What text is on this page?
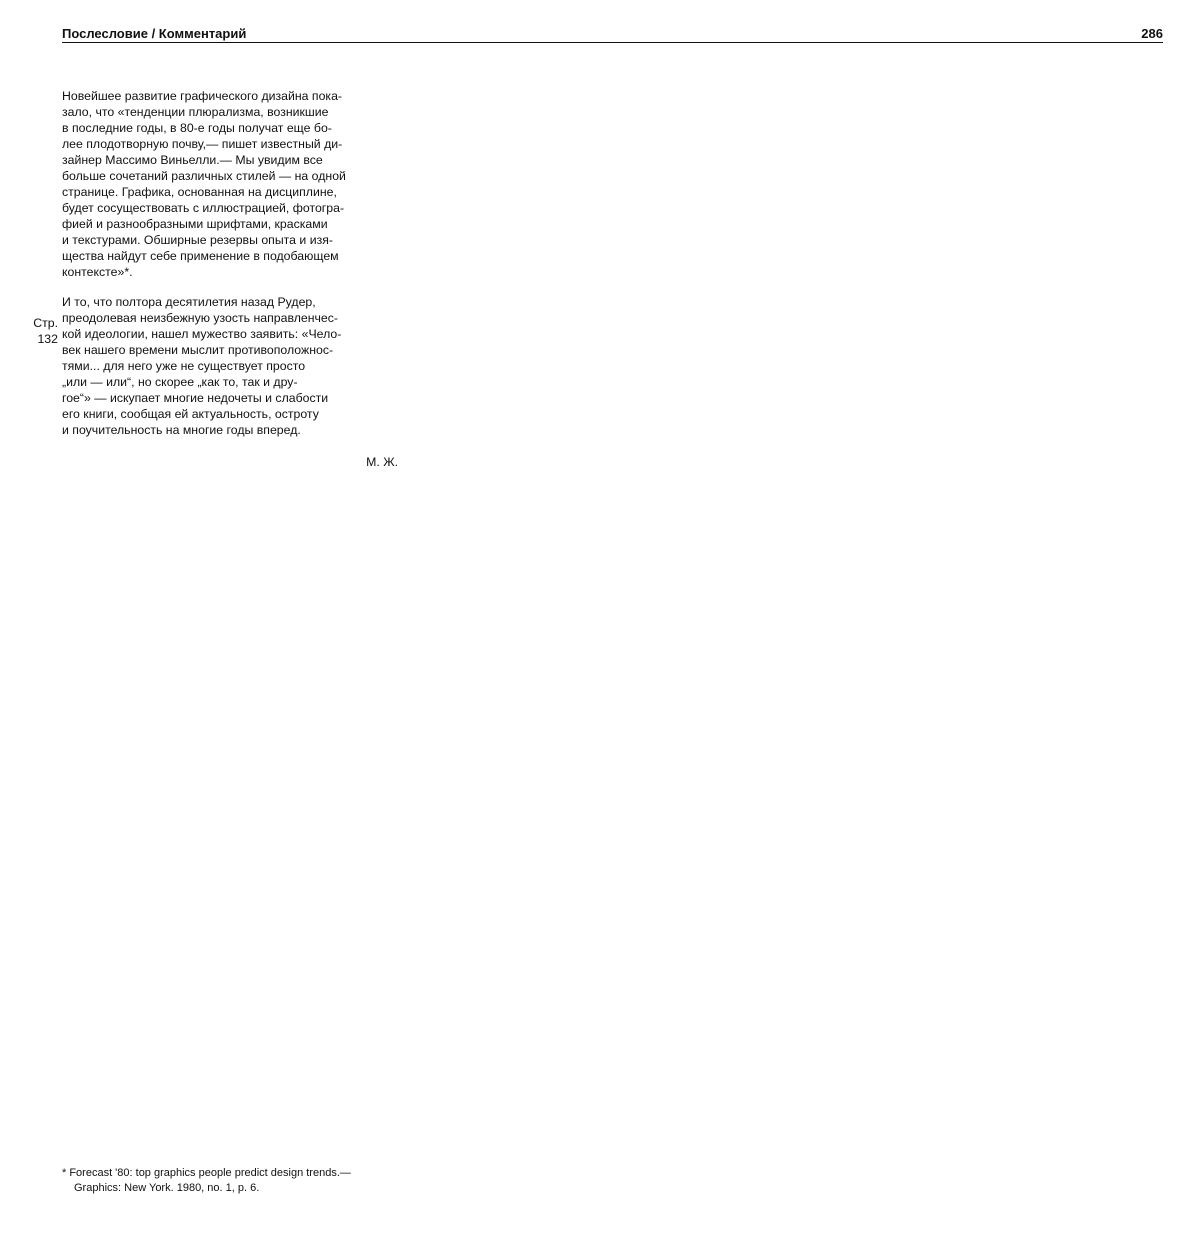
Послесловие / Комментарий	286
Стр.
132

Новейшее развитие графического дизайна пока-
зало, что «тенденции плюрализма, возникшие
в последние годы, в 80-е годы получат еще бо-
лее плодотворную почву,— пишет известный ди-
зайнер Массимо Виньелли.— Мы увидим все
больше сочетаний различных стилей — на одной
странице. Графика, основанная на дисциплине,
будет сосуществовать с иллюстрацией, фотогра-
фией и разнообразными шрифтами, красками
и текстурами. Обширные резервы опыта и изя-
щества найдут себе применение в подобающем
контексте»*.

И то, что полтора десятилетия назад Рудер,
преодолевая неизбежную узость направленчес-
кой идеологии, нашел мужество заявить: «Чело-
век нашего времени мыслит противоположнос-
тями... для него уже не существует просто
„или — или“, но скорее „как то, так и дру-
гое“» — искупает многие недочеты и слабости
его книги, сообщая ей актуальность, остроту
и поучительность на многие годы вперед.

М. Ж.
* Forecast '80: top graphics people predict design trends.—
Graphics: New York. 1980, no. 1, p. 6.
